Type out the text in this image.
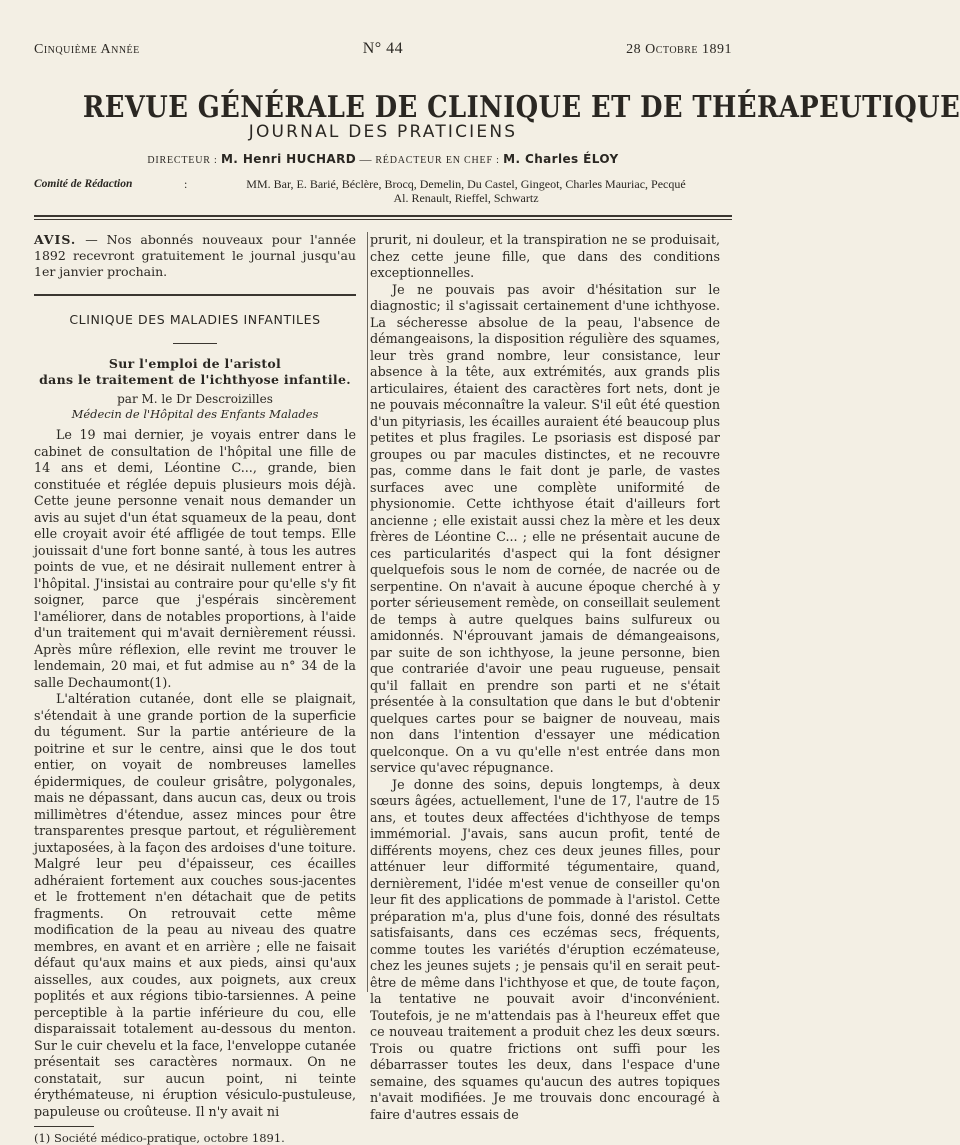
Cinquième Année	N° 44	28 Octobre 1891
REVUE GÉNÉRALE DE CLINIQUE ET DE THÉRAPEUTIQUE
JOURNAL DES PRATICIENS
DIRECTEUR : M. Henri HUCHARD — RÉDACTEUR EN CHEF : M. Charles ÉLOY
Comité de Rédaction	:	MM. Bar, E. Barié, Béclère, Brocq, Demelin, Du Castel, Gingeot, Charles Mauriac, Pecqué
Al. Renault, Rieffel, Schwartz

AVIS. — Nos abonnés nouveaux pour l'année 1892 recevront gratuitement le journal jusqu'au 1er janvier prochain.

CLINIQUE DES MALADIES INFANTILES
Sur l'emploi de l'aristol
dans le traitement de l'ichthyose infantile.
par M. le Dr Descroizilles
Médecin de l'Hôpital des Enfants Malades

Le 19 mai dernier, je voyais entrer dans le cabinet de consultation de l'hôpital une fille de 14 ans et demi, Léontine C..., grande, bien constituée et réglée depuis plusieurs mois déjà. Cette jeune personne venait nous demander un avis au sujet d'un état squameux de la peau, dont elle croyait avoir été affligée de tout temps. Elle jouissait d'une fort bonne santé, à tous les autres points de vue, et ne désirait nullement entrer à l'hôpital. J'insistai au contraire pour qu'elle s'y fit soigner, parce que j'espérais sincèrement l'améliorer, dans de notables proportions, à l'aide d'un traitement qui m'avait dernièrement réussi. Après mûre réflexion, elle revint me trouver le lendemain, 20 mai, et fut admise au n° 34 de la salle Dechaumont(1).

L'altération cutanée, dont elle se plaignait, s'étendait à une grande portion de la superficie du tégument. Sur la partie antérieure de la poitrine et sur le centre, ainsi que le dos tout entier, on voyait de nombreuses lamelles épidermiques, de couleur grisâtre, polygonales, mais ne dépassant, dans aucun cas, deux ou trois millimètres d'étendue, assez minces pour être transparentes presque partout, et régulièrement juxtaposées, à la façon des ardoises d'une toiture. Malgré leur peu d'épaisseur, ces écailles adhéraient fortement aux couches sous-jacentes et le frottement n'en détachait que de petits fragments. On retrouvait cette même modification de la peau au niveau des quatre membres, en avant et en arrière ; elle ne faisait défaut qu'aux mains et aux pieds, ainsi qu'aux aisselles, aux coudes, aux poignets, aux creux poplités et aux régions tibio-tarsiennes. A peine perceptible à la partie inférieure du cou, elle disparaissait totalement au-dessous du menton. Sur le cuir chevelu et la face, l'enveloppe cutanée présentait ses caractères normaux. On ne constatait, sur aucun point, ni teinte érythémateuse, ni éruption vésiculo-pustuleuse, papuleuse ou croûteuse. Il n'y avait ni

(1) Société médico-pratique, octobre 1891.

prurit, ni douleur, et la transpiration ne se produisait, chez cette jeune fille, que dans des conditions exceptionnelles.

Je ne pouvais pas avoir d'hésitation sur le diagnostic; il s'agissait certainement d'une ichthyose. La sécheresse absolue de la peau, l'absence de démangeaisons, la disposition régulière des squames, leur très grand nombre, leur consistance, leur absence à la tête, aux extrémités, aux grands plis articulaires, étaient des caractères fort nets, dont je ne pouvais méconnaître la valeur. S'il eût été question d'un pityriasis, les écailles auraient été beaucoup plus petites et plus fragiles. Le psoriasis est disposé par groupes ou par macules distinctes, et ne recouvre pas, comme dans le fait dont je parle, de vastes surfaces avec une complète uniformité de physionomie. Cette ichthyose était d'ailleurs fort ancienne ; elle existait aussi chez la mère et les deux frères de Léontine C... ; elle ne présentait aucune de ces particularités d'aspect qui la font désigner quelquefois sous le nom de cornée, de nacrée ou de serpentine. On n'avait à aucune époque cherché à y porter sérieusement remède, on conseillait seulement de temps à autre quelques bains sulfureux ou amidonnés. N'éprouvant jamais de démangeaisons, par suite de son ichthyose, la jeune personne, bien que contrariée d'avoir une peau rugueuse, pensait qu'il fallait en prendre son parti et ne s'était présentée à la consultation que dans le but d'obtenir quelques cartes pour se baigner de nouveau, mais non dans l'intention d'essayer une médication quelconque. On a vu qu'elle n'est entrée dans mon service qu'avec répugnance.

Je donne des soins, depuis longtemps, à deux sœurs âgées, actuellement, l'une de 17, l'autre de 15 ans, et toutes deux affectées d'ichthyose de temps immémorial. J'avais, sans aucun profit, tenté de différents moyens, chez ces deux jeunes filles, pour atténuer leur difformité tégumentaire, quand, dernièrement, l'idée m'est venue de conseiller qu'on leur fit des applications de pommade à l'aristol. Cette préparation m'a, plus d'une fois, donné des résultats satisfaisants, dans ces eczémas secs, fréquents, comme toutes les variétés d'éruption eczémateuse, chez les jeunes sujets ; je pensais qu'il en serait peut-être de même dans l'ichthyose et que, de toute façon, la tentative ne pouvait avoir d'inconvénient. Toutefois, je ne m'attendais pas à l'heureux effet que ce nouveau traitement a produit chez les deux sœurs. Trois ou quatre frictions ont suffi pour les débarrasser toutes les deux, dans l'espace d'une semaine, des squames qu'aucun des autres topiques n'avait modifiées. Je me trouvais donc encouragé à faire d'autres essais de
